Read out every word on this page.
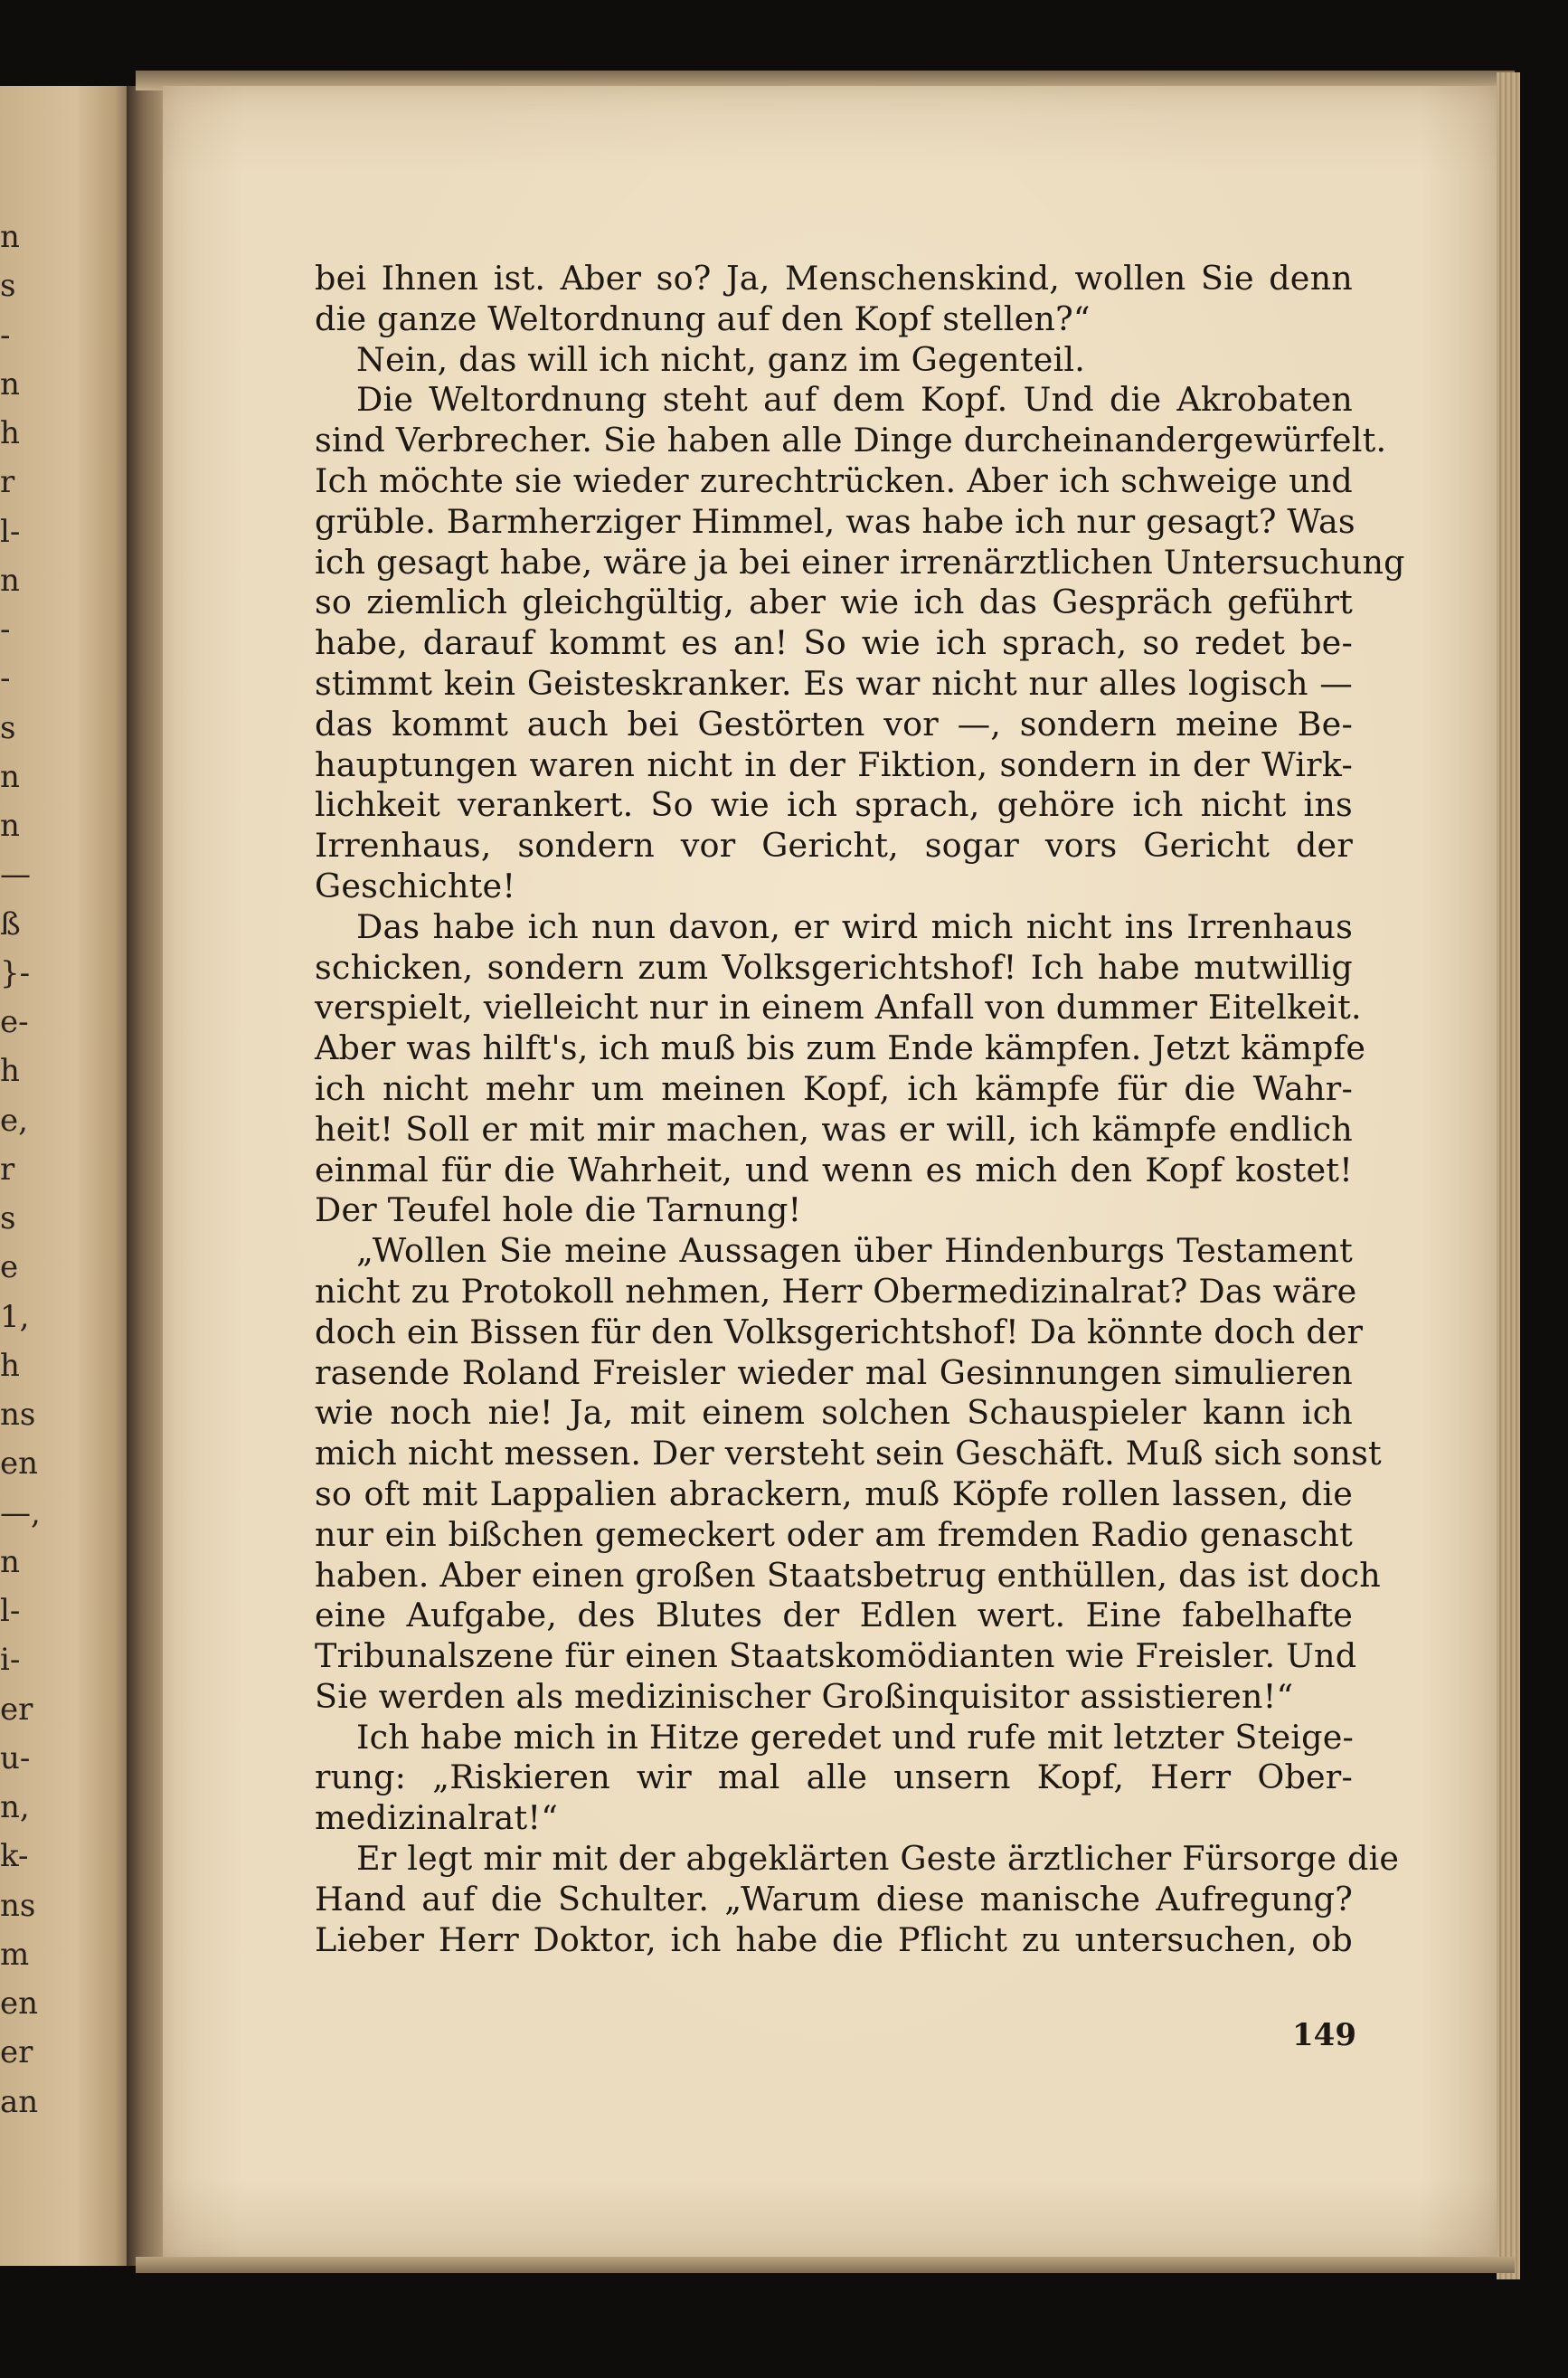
n
s
-
n
h
r
l-
n
-
-
s
n
n
—
ß
}-
e-
h
e,
r
s
e
1,
h
ns
en
—,
n
l-
i-
er
u-
n,
k-
ns
m
en
er
an
bei Ihnen ist. Aber so? Ja, Menschenskind, wollen Sie denn
die ganze Weltordnung auf den Kopf stellen?“
Nein, das will ich nicht, ganz im Gegenteil.
Die Weltordnung steht auf dem Kopf. Und die Akrobaten
sind Verbrecher. Sie haben alle Dinge durcheinandergewürfelt.
Ich möchte sie wieder zurechtrücken. Aber ich schweige und
grüble. Barmherziger Himmel, was habe ich nur gesagt? Was
ich gesagt habe, wäre ja bei einer irrenärztlichen Untersuchung
so ziemlich gleichgültig, aber wie ich das Gespräch geführt
habe, darauf kommt es an! So wie ich sprach, so redet be-
stimmt kein Geisteskranker. Es war nicht nur alles logisch —
das kommt auch bei Gestörten vor —, sondern meine Be-
hauptungen waren nicht in der Fiktion, sondern in der Wirk-
lichkeit verankert. So wie ich sprach, gehöre ich nicht ins
Irrenhaus, sondern vor Gericht, sogar vors Gericht der
Geschichte!
Das habe ich nun davon, er wird mich nicht ins Irrenhaus
schicken, sondern zum Volksgerichtshof! Ich habe mutwillig
verspielt, vielleicht nur in einem Anfall von dummer Eitelkeit.
Aber was hilft's, ich muß bis zum Ende kämpfen. Jetzt kämpfe
ich nicht mehr um meinen Kopf, ich kämpfe für die Wahr-
heit! Soll er mit mir machen, was er will, ich kämpfe endlich
einmal für die Wahrheit, und wenn es mich den Kopf kostet!
Der Teufel hole die Tarnung!
„Wollen Sie meine Aussagen über Hindenburgs Testament
nicht zu Protokoll nehmen, Herr Obermedizinalrat? Das wäre
doch ein Bissen für den Volksgerichtshof! Da könnte doch der
rasende Roland Freisler wieder mal Gesinnungen simulieren
wie noch nie! Ja, mit einem solchen Schauspieler kann ich
mich nicht messen. Der versteht sein Geschäft. Muß sich sonst
so oft mit Lappalien abrackern, muß Köpfe rollen lassen, die
nur ein bißchen gemeckert oder am fremden Radio genascht
haben. Aber einen großen Staatsbetrug enthüllen, das ist doch
eine Aufgabe, des Blutes der Edlen wert. Eine fabelhafte
Tribunalszene für einen Staatskomödianten wie Freisler. Und
Sie werden als medizinischer Großinquisitor assistieren!“
Ich habe mich in Hitze geredet und rufe mit letzter Steige-
rung: „Riskieren wir mal alle unsern Kopf, Herr Ober-
medizinalrat!“
Er legt mir mit der abgeklärten Geste ärztlicher Fürsorge die
Hand auf die Schulter. „Warum diese manische Aufregung?
Lieber Herr Doktor, ich habe die Pflicht zu untersuchen, ob
149
